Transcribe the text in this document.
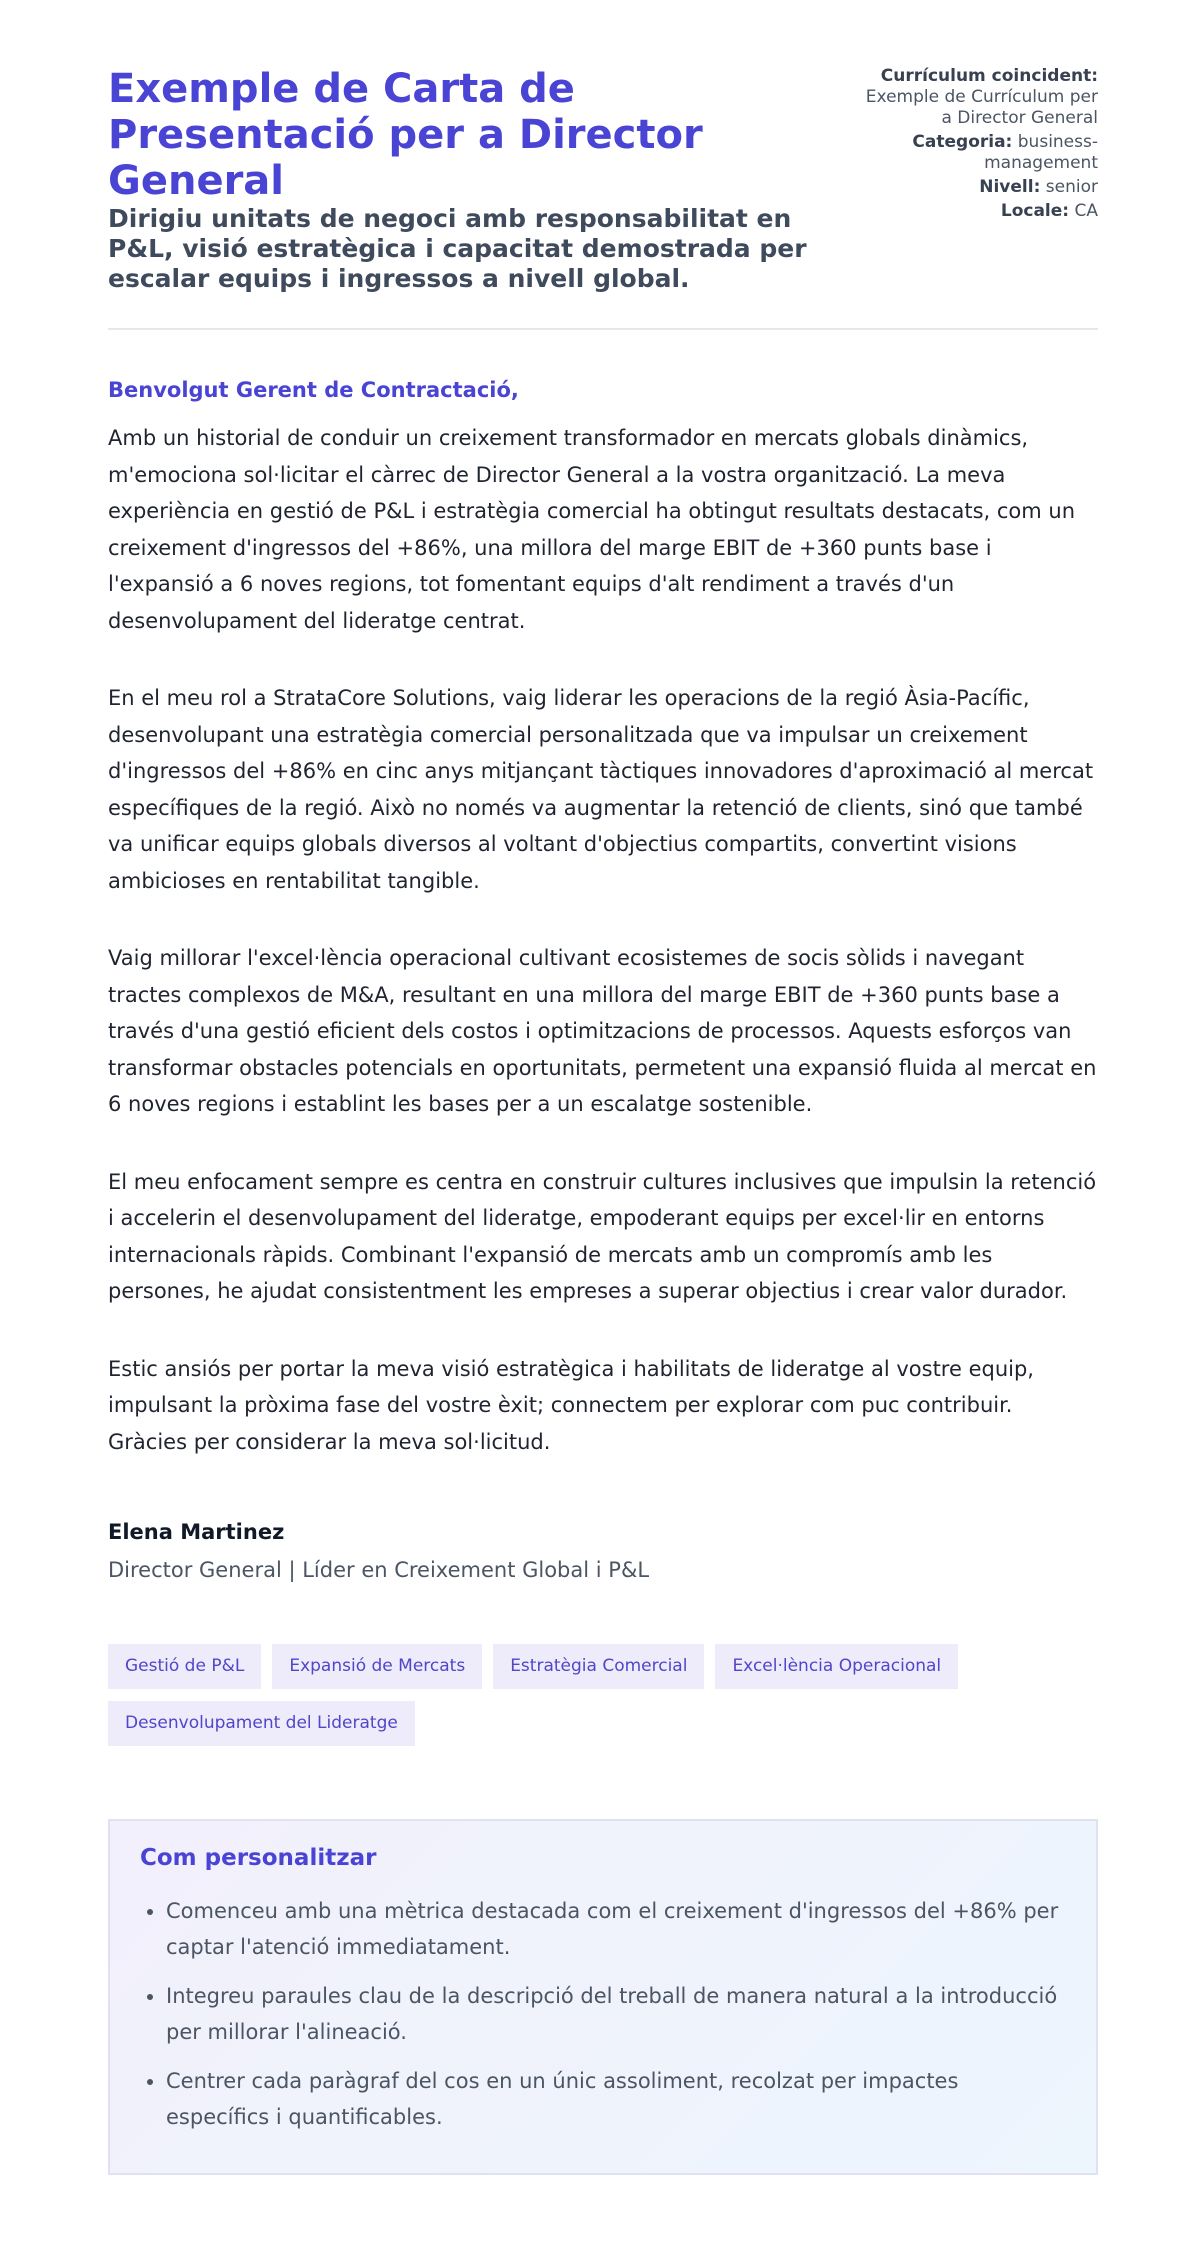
Exemple de Carta de Presentació per a Director General

Dirigiu unitats de negoci amb responsabilitat en P&L, visió estratègica i capacitat demostrada per escalar equips i ingressos a nivell global.

Currículum coincident:
Exemple de Currículum per a Director General
Categoria: business-management
Nivell: senior
Locale: CA

Benvolgut Gerent de Contractació,

Amb un historial de conduir un creixement transformador en mercats globals dinàmics, m'emociona sol·licitar el càrrec de Director General a la vostra organització. La meva experiència en gestió de P&L i estratègia comercial ha obtingut resultats destacats, com un creixement d'ingressos del +86%, una millora del marge EBIT de +360 punts base i l'expansió a 6 noves regions, tot fomentant equips d'alt rendiment a través d'un desenvolupament del lideratge centrat.

En el meu rol a StrataCore Solutions, vaig liderar les operacions de la regió Àsia-Pacífic, desenvolupant una estratègia comercial personalitzada que va impulsar un creixement d'ingressos del +86% en cinc anys mitjançant tàctiques innovadores d'aproximació al mercat específiques de la regió. Això no només va augmentar la retenció de clients, sinó que també va unificar equips globals diversos al voltant d'objectius compartits, convertint visions ambicioses en rentabilitat tangible.

Vaig millorar l'excel·lència operacional cultivant ecosistemes de socis sòlids i navegant tractes complexos de M&A, resultant en una millora del marge EBIT de +360 punts base a través d'una gestió eficient dels costos i optimitzacions de processos. Aquests esforços van transformar obstacles potencials en oportunitats, permetent una expansió fluida al mercat en 6 noves regions i establint les bases per a un escalatge sostenible.

El meu enfocament sempre es centra en construir cultures inclusives que impulsin la retenció i accelerin el desenvolupament del lideratge, empoderant equips per excel·lir en entorns internacionals ràpids. Combinant l'expansió de mercats amb un compromís amb les persones, he ajudat consistentment les empreses a superar objectius i crear valor durador.

Estic ansiós per portar la meva visió estratègica i habilitats de lideratge al vostre equip, impulsant la pròxima fase del vostre èxit; connectem per explorar com puc contribuir. Gràcies per considerar la meva sol·licitud.

Elena Martinez
Director General | Líder en Creixement Global i P&L
Gestió de P&L	Expansió de Mercats	Estratègia Comercial	Excel·lència Operacional
Desenvolupament del Lideratge
Com personalitzar
• Comenceu amb una mètrica destacada com el creixement d'ingressos del +86% per captar l'atenció immediatament.
• Integreu paraules clau de la descripció del treball de manera natural a la introducció per millorar l'alineació.
• Centrer cada paràgraf del cos en un únic assoliment, recolzat per impactes específics i quantificables.
